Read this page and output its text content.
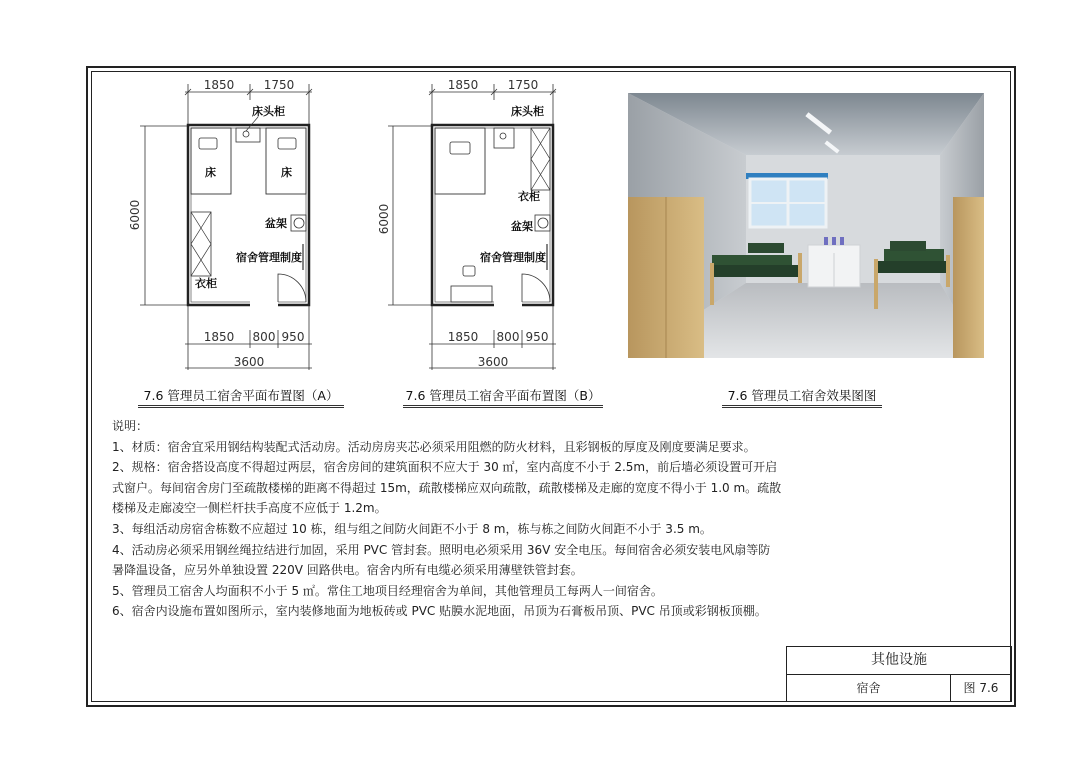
1850 1750
6000
1850 800 950
3600
床头柜
床	床
盆架
宿舍管理制度
衣柜
1850 1750
6000
1850 800 950
3600
床头柜
衣柜
盆架
宿舍管理制度
7.6 管理员工宿舍平面布置图（A）	7.6 管理员工宿舍平面布置图（B）	7.6 管理员工宿舍效果图图

说明：

1、材质：宿舍宜采用钢结构装配式活动房。活动房房夹芯必须采用阻燃的防火材料，且彩钢板的厚度及刚度要满足要求。

2、规格：宿舍搭设高度不得超过两层，宿舍房间的建筑面积不应大于 30 ㎡，室内高度不小于 2.5m，前后墙必须设置可开启式窗户。每间宿舍房门至疏散楼梯的距离不得超过 15m，疏散楼梯应双向疏散，疏散楼梯及走廊的宽度不得小于 1.0 m。疏散楼梯及走廊凌空一侧栏杆扶手高度不应低于 1.2m。

3、每组活动房宿舍栋数不应超过 10 栋，组与组之间防火间距不小于 8 m，栋与栋之间防火间距不小于 3.5 m。

4、活动房必须采用钢丝绳拉结进行加固，采用 PVC 管封套。照明电必须采用 36V 安全电压。每间宿舍必须安装电风扇等防暑降温设备，应另外单独设置 220V 回路供电。宿舍内所有电缆必须采用薄壁铁管封套。

5、管理员工宿舍人均面积不小于 5 ㎡。常住工地项目经理宿舍为单间，其他管理员工每两人一间宿舍。

6、宿舍内设施布置如图所示，室内装修地面为地板砖或 PVC 贴膜水泥地面，吊顶为石膏板吊顶、PVC 吊顶或彩钢板顶棚。

其他设施
宿舍	图 7.6
